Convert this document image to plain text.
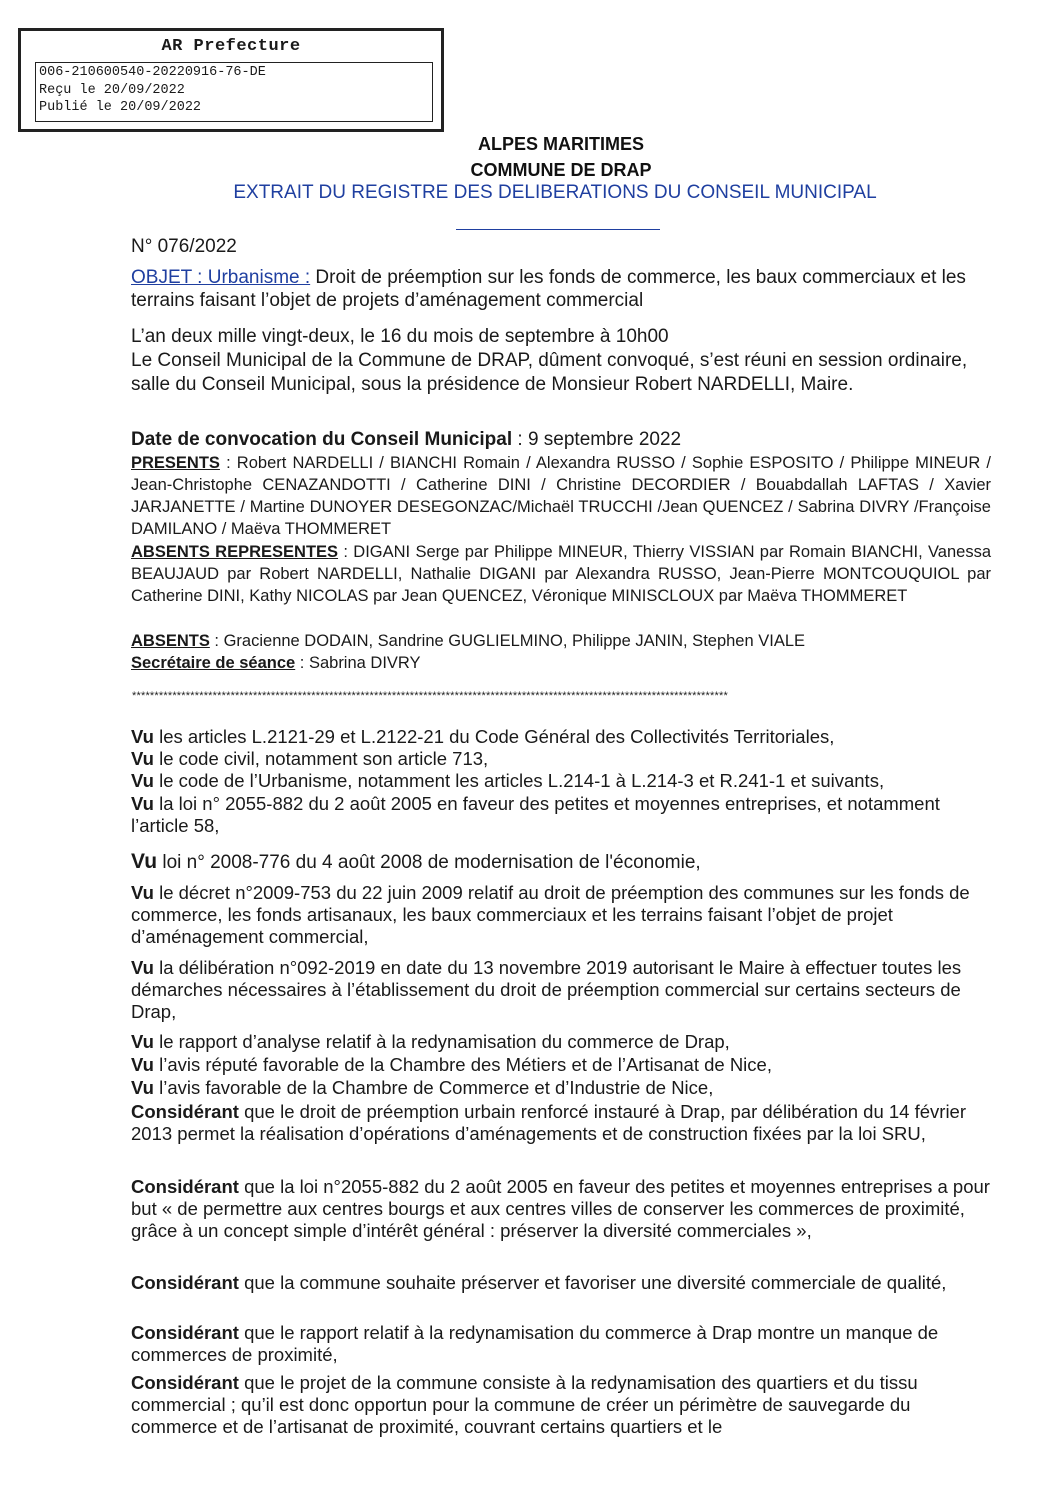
AR Prefecture
006-210600540-20220916-76-DE
Reçu le 20/09/2022
Publié le 20/09/2022
ALPES MARITIMES
COMMUNE DE DRAP
EXTRAIT DU REGISTRE DES DELIBERATIONS DU CONSEIL MUNICIPAL
N° 076/2022
OBJET : Urbanisme : Droit de préemption sur les fonds de commerce, les baux commerciaux et les terrains faisant l’objet de projets d’aménagement commercial
L’an deux mille vingt-deux, le 16 du mois de septembre à 10h00
Le Conseil Municipal de la Commune de DRAP, dûment convoqué, s’est réuni en session ordinaire, salle du Conseil Municipal, sous la présidence de Monsieur Robert NARDELLI, Maire.
Date de convocation du Conseil Municipal : 9 septembre 2022
PRESENTS : Robert NARDELLI / BIANCHI Romain / Alexandra RUSSO / Sophie ESPOSITO / Philippe MINEUR / Jean-Christophe CENAZANDOTTI / Catherine DINI / Christine DECORDIER / Bouabdallah LAFTAS / Xavier JARJANETTE / Martine DUNOYER DESEGONZAC/Michaël TRUCCHI /Jean QUENCEZ / Sabrina DIVRY /Françoise DAMILANO / Maëva THOMMERET
ABSENTS REPRESENTES : DIGANI Serge par Philippe MINEUR, Thierry VISSIAN par Romain BIANCHI, Vanessa BEAUJAUD par Robert NARDELLI, Nathalie DIGANI par Alexandra RUSSO, Jean-Pierre MONTCOUQUIOL par Catherine DINI, Kathy NICOLAS par Jean QUENCEZ, Véronique MINISCLOUX par Maëva THOMMERET
ABSENTS : Gracienne DODAIN, Sandrine GUGLIELMINO, Philippe JANIN, Stephen VIALE
Secrétaire de séance : Sabrina DIVRY
*************************************************************************************************************************************
Vu les articles L.2121-29 et L.2122-21 du Code Général des Collectivités Territoriales,
Vu le code civil, notamment son article 713,
Vu le code de l’Urbanisme, notamment les articles L.214-1 à L.214-3 et R.241-1 et suivants,
Vu la loi n° 2055-882 du 2 août 2005 en faveur des petites et moyennes entreprises, et notamment l’article 58,
Vu loi n° 2008-776 du 4 août 2008 de modernisation de l'économie,
Vu le décret n°2009-753 du 22 juin 2009 relatif au droit de préemption des communes sur les fonds de commerce, les fonds artisanaux, les baux commerciaux et les terrains faisant l’objet de projet d’aménagement commercial,
Vu la délibération n°092-2019 en date du 13 novembre 2019 autorisant le Maire à effectuer toutes les démarches nécessaires à l’établissement du droit de préemption commercial sur certains secteurs de Drap,
Vu le rapport d’analyse relatif à la redynamisation du commerce de Drap,
Vu l’avis réputé favorable de la Chambre des Métiers et de l’Artisanat de Nice,
Vu l’avis favorable de la Chambre de Commerce et d’Industrie de Nice,
Considérant que le droit de préemption urbain renforcé instauré à Drap, par délibération du 14 février 2013 permet la réalisation d’opérations d’aménagements et de construction fixées par la loi SRU,
Considérant que la loi n°2055-882 du 2 août 2005 en faveur des petites et moyennes entreprises a pour but « de permettre aux centres bourgs et aux centres villes de conserver les commerces de proximité, grâce à un concept simple d’intérêt général : préserver la diversité commerciales »,
Considérant que la commune souhaite préserver et favoriser une diversité commerciale de qualité,
Considérant que le rapport relatif à la redynamisation du commerce à Drap montre un manque de commerces de proximité,
Considérant que le projet de la commune consiste à la redynamisation des quartiers et du tissu commercial ; qu’il est donc opportun pour la commune de créer un périmètre de sauvegarde du commerce et de l’artisanat de proximité, couvrant certains quartiers et le
